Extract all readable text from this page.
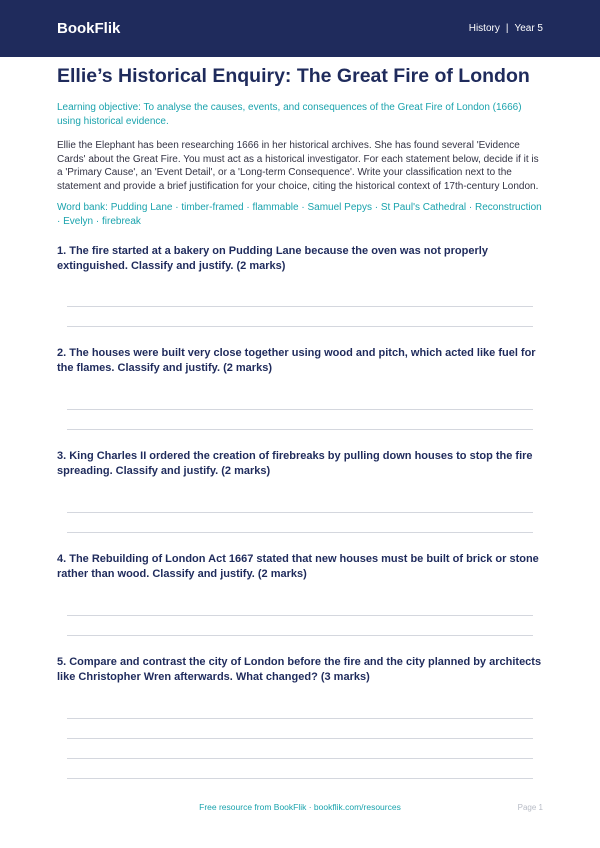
BookFlik	History | Year 5
Ellie’s Historical Enquiry: The Great Fire of London

Learning objective: To analyse the causes, events, and consequences of the Great Fire of London (1666) using historical evidence.

Ellie the Elephant has been researching 1666 in her historical archives. She has found several 'Evidence Cards' about the Great Fire. You must act as a historical investigator. For each statement below, decide if it is a 'Primary Cause', an 'Event Detail', or a 'Long-term Consequence'. Write your classification next to the statement and provide a brief justification for your choice, citing the historical context of 17th-century London.

Word bank: Pudding Lane · timber-framed · flammable · Samuel Pepys · St Paul's Cathedral · Reconstruction · Evelyn · firebreak

1. The fire started at a bakery on Pudding Lane because the oven was not properly extinguished. Classify and justify. (2 marks)

2. The houses were built very close together using wood and pitch, which acted like fuel for the flames. Classify and justify. (2 marks)

3. King Charles II ordered the creation of firebreaks by pulling down houses to stop the fire spreading. Classify and justify. (2 marks)

4. The Rebuilding of London Act 1667 stated that new houses must be built of brick or stone rather than wood. Classify and justify. (2 marks)

5. Compare and contrast the city of London before the fire and the city planned by architects like Christopher Wren afterwards. What changed? (3 marks)

Free resource from BookFlik · bookflik.com/resources	Page 1
